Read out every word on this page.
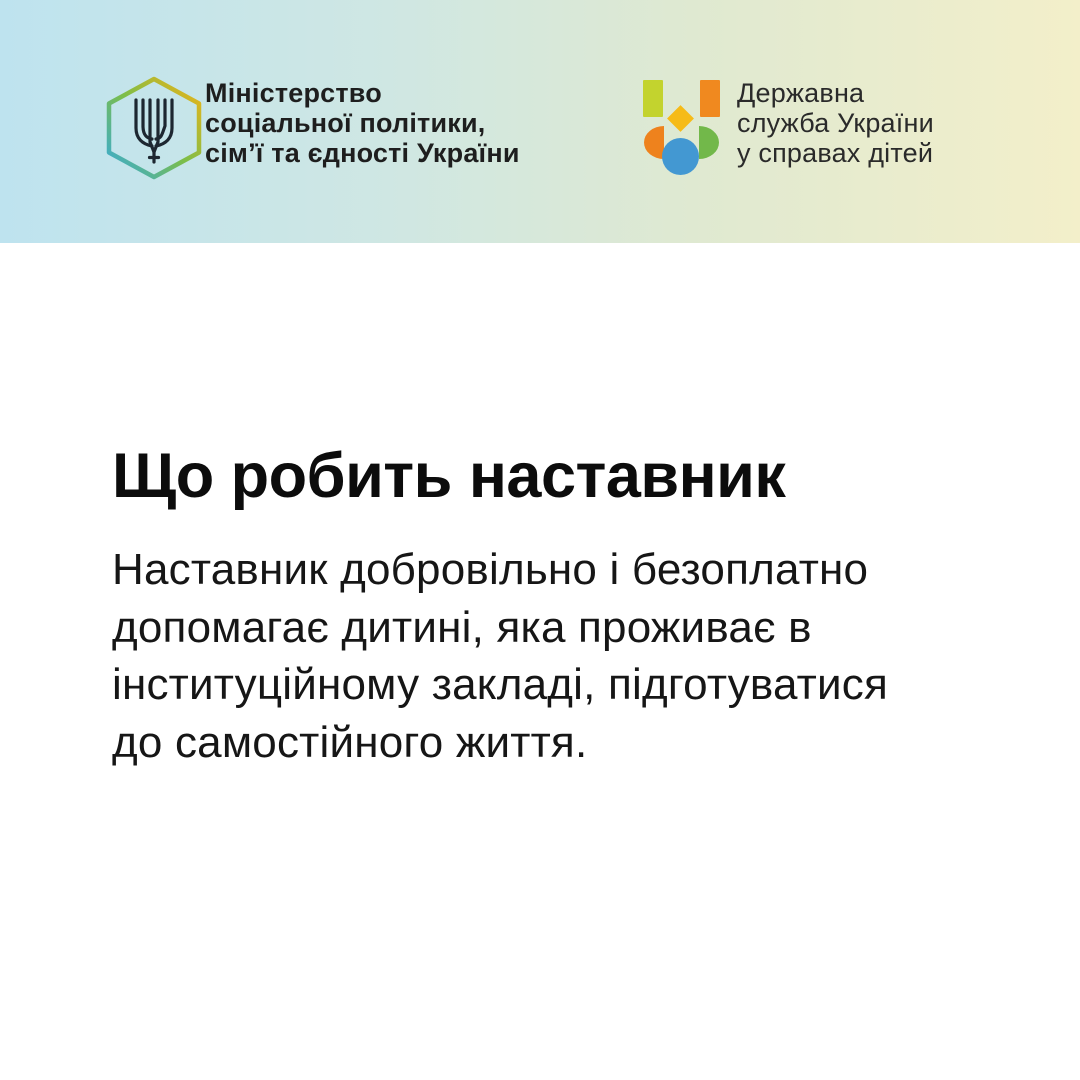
Міністерство
соціальної політики,
сім’ї та єдності України
Державна
служба України
у справах дітей
Що робить наставник

Наставник добровільно і безоплатно
допомагає дитині, яка проживає в
інституційному закладі, підготуватися
до самостійного життя.
